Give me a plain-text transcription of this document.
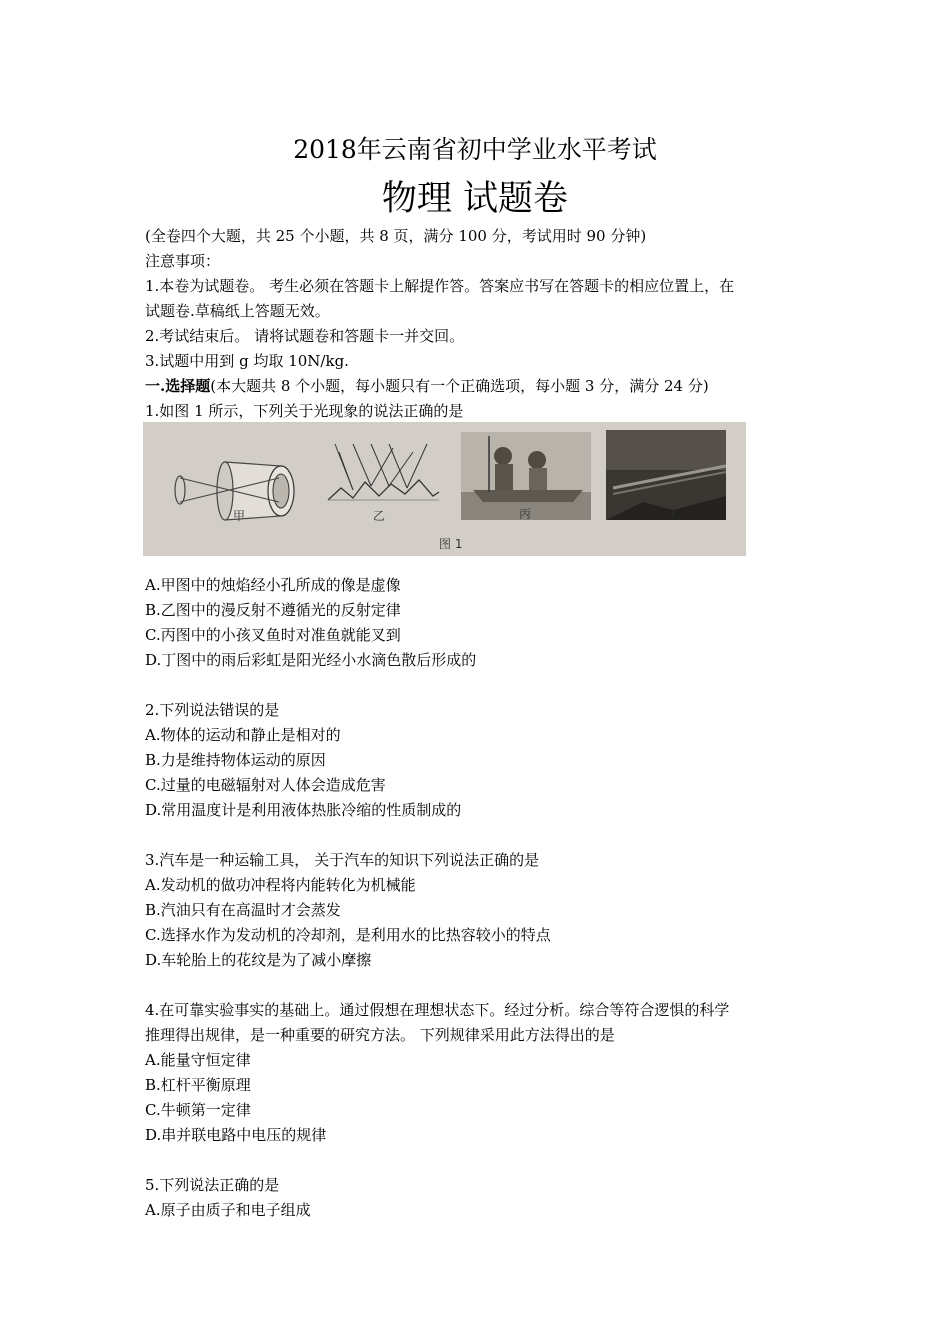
2018年云南省初中学业水平考试
物理 试题卷
(全卷四个大题，共 25 个小题，共 8 页，满分 100 分，考试用时 90 分钟)
注意事项：
1.本卷为试题卷。 考生必须在答题卡上解提作答。答案应书写在答题卡的相应位置上，在
试题卷.草稿纸上答题无效。
2.考试结束后。 请将试题卷和答题卡一并交回。
3.试题中用到 g 均取 10N/kg.
一.选择题(本大题共 8 个小题，每小题只有一个正确选项，每小题 3 分，满分 24 分)
1.如图 1 所示，下列关于光现象的说法正确的是
甲	乙	丙	丁
图 1
A.甲图中的烛焰经小孔所成的像是虚像
B.乙图中的漫反射不遵循光的反射定律
C.丙图中的小孩叉鱼时对准鱼就能叉到
D.丁图中的雨后彩虹是阳光经小水滴色散后形成的
2.下列说法错误的是
A.物体的运动和静止是相对的
B.力是维持物体运动的原因
C.过量的电磁辐射对人体会造成危害
D.常用温度计是利用液体热胀冷缩的性质制成的
3.汽车是一种运输工具， 关于汽车的知识下列说法正确的是
A.发动机的做功冲程将内能转化为机械能
B.汽油只有在高温时才会蒸发
C.选择水作为发动机的冷却剂，是利用水的比热容较小的特点
D.车轮胎上的花纹是为了减小摩擦
4.在可靠实验事实的基础上。通过假想在理想状态下。经过分析。综合等符合逻惧的科学
推理得出规律，是一种重要的研究方法。 下列规律采用此方法得出的是
A.能量守恒定律
B.杠杆平衡原理
C.牛顿第一定律
D.串并联电路中电压的规律
5.下列说法正确的是
A.原子由质子和电子组成
